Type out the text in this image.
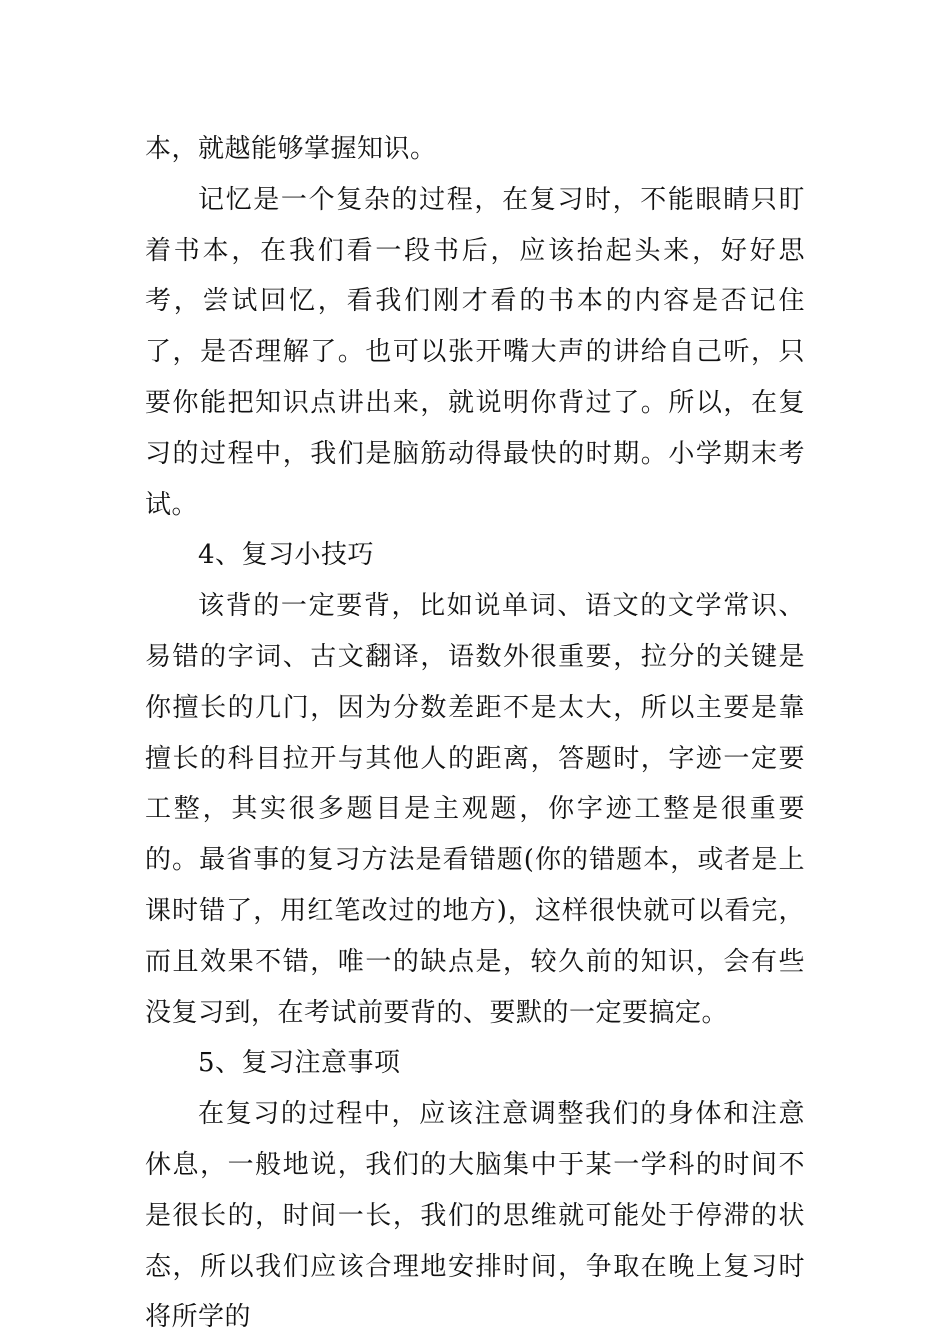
本，就越能够掌握知识。

记忆是一个复杂的过程，在复习时，不能眼睛只盯着书本，在我们看一段书后，应该抬起头来，好好思考，尝试回忆，看我们刚才看的书本的内容是否记住了，是否理解了。也可以张开嘴大声的讲给自己听，只要你能把知识点讲出来，就说明你背过了。所以，在复习的过程中，我们是脑筋动得最快的时期。小学期末考试。

4、复习小技巧

该背的一定要背，比如说单词、语文的文学常识、易错的字词、古文翻译，语数外很重要，拉分的关键是你擅长的几门，因为分数差距不是太大，所以主要是靠擅长的科目拉开与其他人的距离，答题时，字迹一定要工整，其实很多题目是主观题，你字迹工整是很重要的。最省事的复习方法是看错题(你的错题本，或者是上课时错了，用红笔改过的地方)，这样很快就可以看完，而且效果不错，唯一的缺点是，较久前的知识，会有些没复习到，在考试前要背的、要默的一定要搞定。

5、复习注意事项

在复习的过程中，应该注意调整我们的身体和注意休息，一般地说，我们的大脑集中于某一学科的时间不是很长的，时间一长，我们的思维就可能处于停滞的状态，所以我们应该合理地安排时间，争取在晚上复习时将所学的
